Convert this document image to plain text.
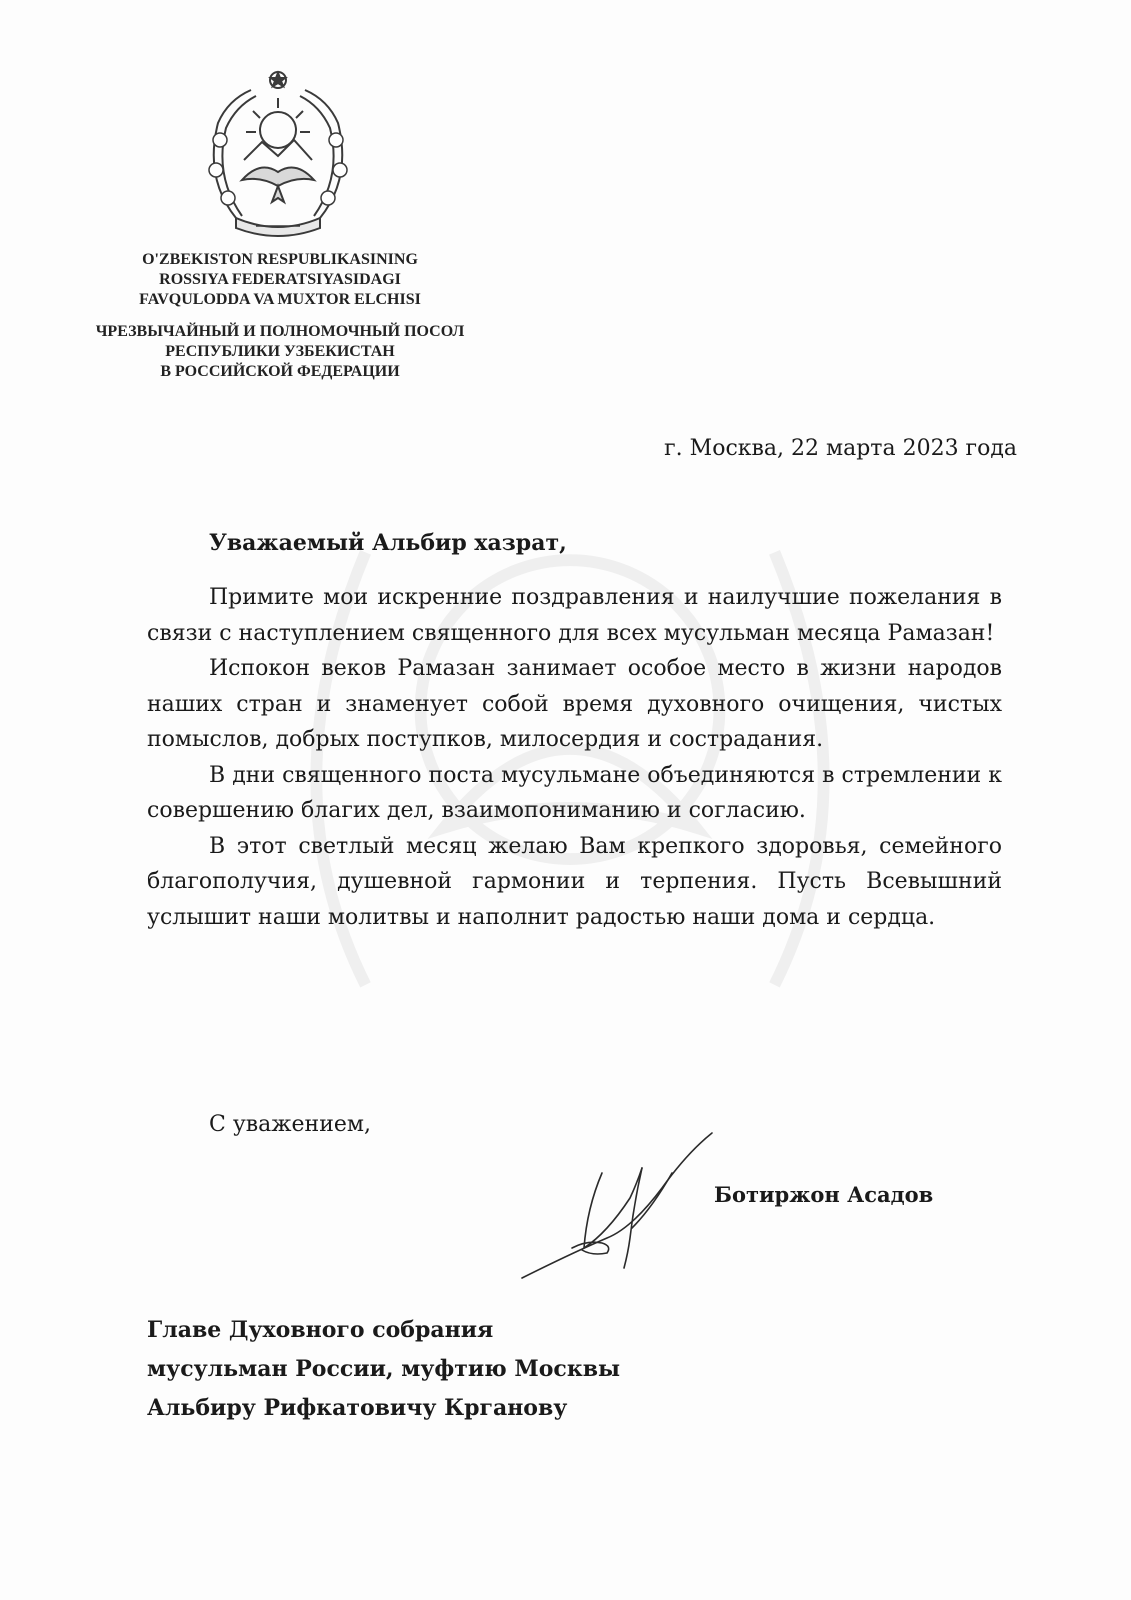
O'ZBEKISTON RESPUBLIKASINING
ROSSIYA FEDERATSIYASIDAGI
FAVQULODDA VA MUXTOR ELCHISI
ЧРЕЗВЫЧАЙНЫЙ И ПОЛНОМОЧНЫЙ ПОСОЛ
РЕСПУБЛИКИ УЗБЕКИСТАН
В РОССИЙСКОЙ ФЕДЕРАЦИИ
г. Москва, 22 марта 2023 года
Уважаемый Альбир хазрат,

Примите мои искренние поздравления и наилучшие пожелания в связи с наступлением священного для всех мусульман месяца Рамазан!

Испокон веков Рамазан занимает особое место в жизни народов наших стран и знаменует собой время духовного очищения, чистых помыслов, добрых поступков, милосердия и сострадания.

В дни священного поста мусульмане объединяются в стремлении к совершению благих дел, взаимопониманию и согласию.

В этот светлый месяц желаю Вам крепкого здоровья, семейного благополучия, душевной гармонии и терпения. Пусть Всевышний услышит наши молитвы и наполнит радостью наши дома и сердца.

С уважением,
Ботиржон Асадов
Главе Духовного собрания
мусульман России, муфтию Москвы
Альбиру Рифкатовичу Крганову
